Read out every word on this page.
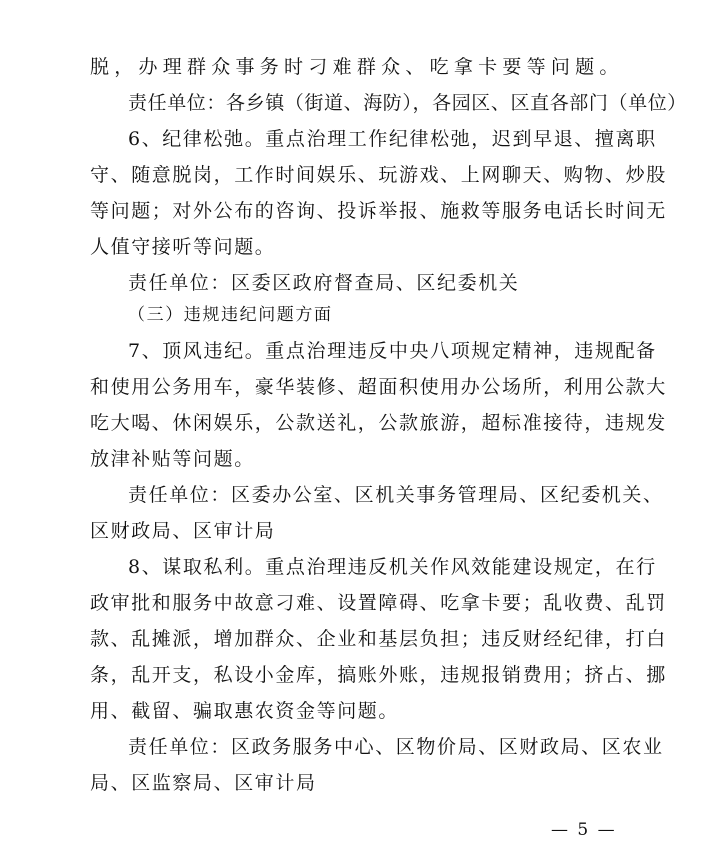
脱，办理群众事务时刁难群众、吃拿卡要等问题。
责任单位：各乡镇（街道、海防），各园区、区直各部门（单位）
6、纪律松弛。重点治理工作纪律松弛，迟到早退、擅离职
守、随意脱岗，工作时间娱乐、玩游戏、上网聊天、购物、炒股
等问题；对外公布的咨询、投诉举报、施救等服务电话长时间无
人值守接听等问题。
责任单位：区委区政府督查局、区纪委机关
（三）违规违纪问题方面
7、顶风违纪。重点治理违反中央八项规定精神，违规配备
和使用公务用车，豪华装修、超面积使用办公场所，利用公款大
吃大喝、休闲娱乐，公款送礼，公款旅游，超标准接待，违规发
放津补贴等问题。
责任单位：区委办公室、区机关事务管理局、区纪委机关、
区财政局、区审计局
8、谋取私利。重点治理违反机关作风效能建设规定，在行
政审批和服务中故意刁难、设置障碍、吃拿卡要；乱收费、乱罚
款、乱摊派，增加群众、企业和基层负担；违反财经纪律，打白
条，乱开支，私设小金库，搞账外账，违规报销费用；挤占、挪
用、截留、骗取惠农资金等问题。
责任单位：区政务服务中心、区物价局、区财政局、区农业
局、区监察局、区审计局
— 5 —
